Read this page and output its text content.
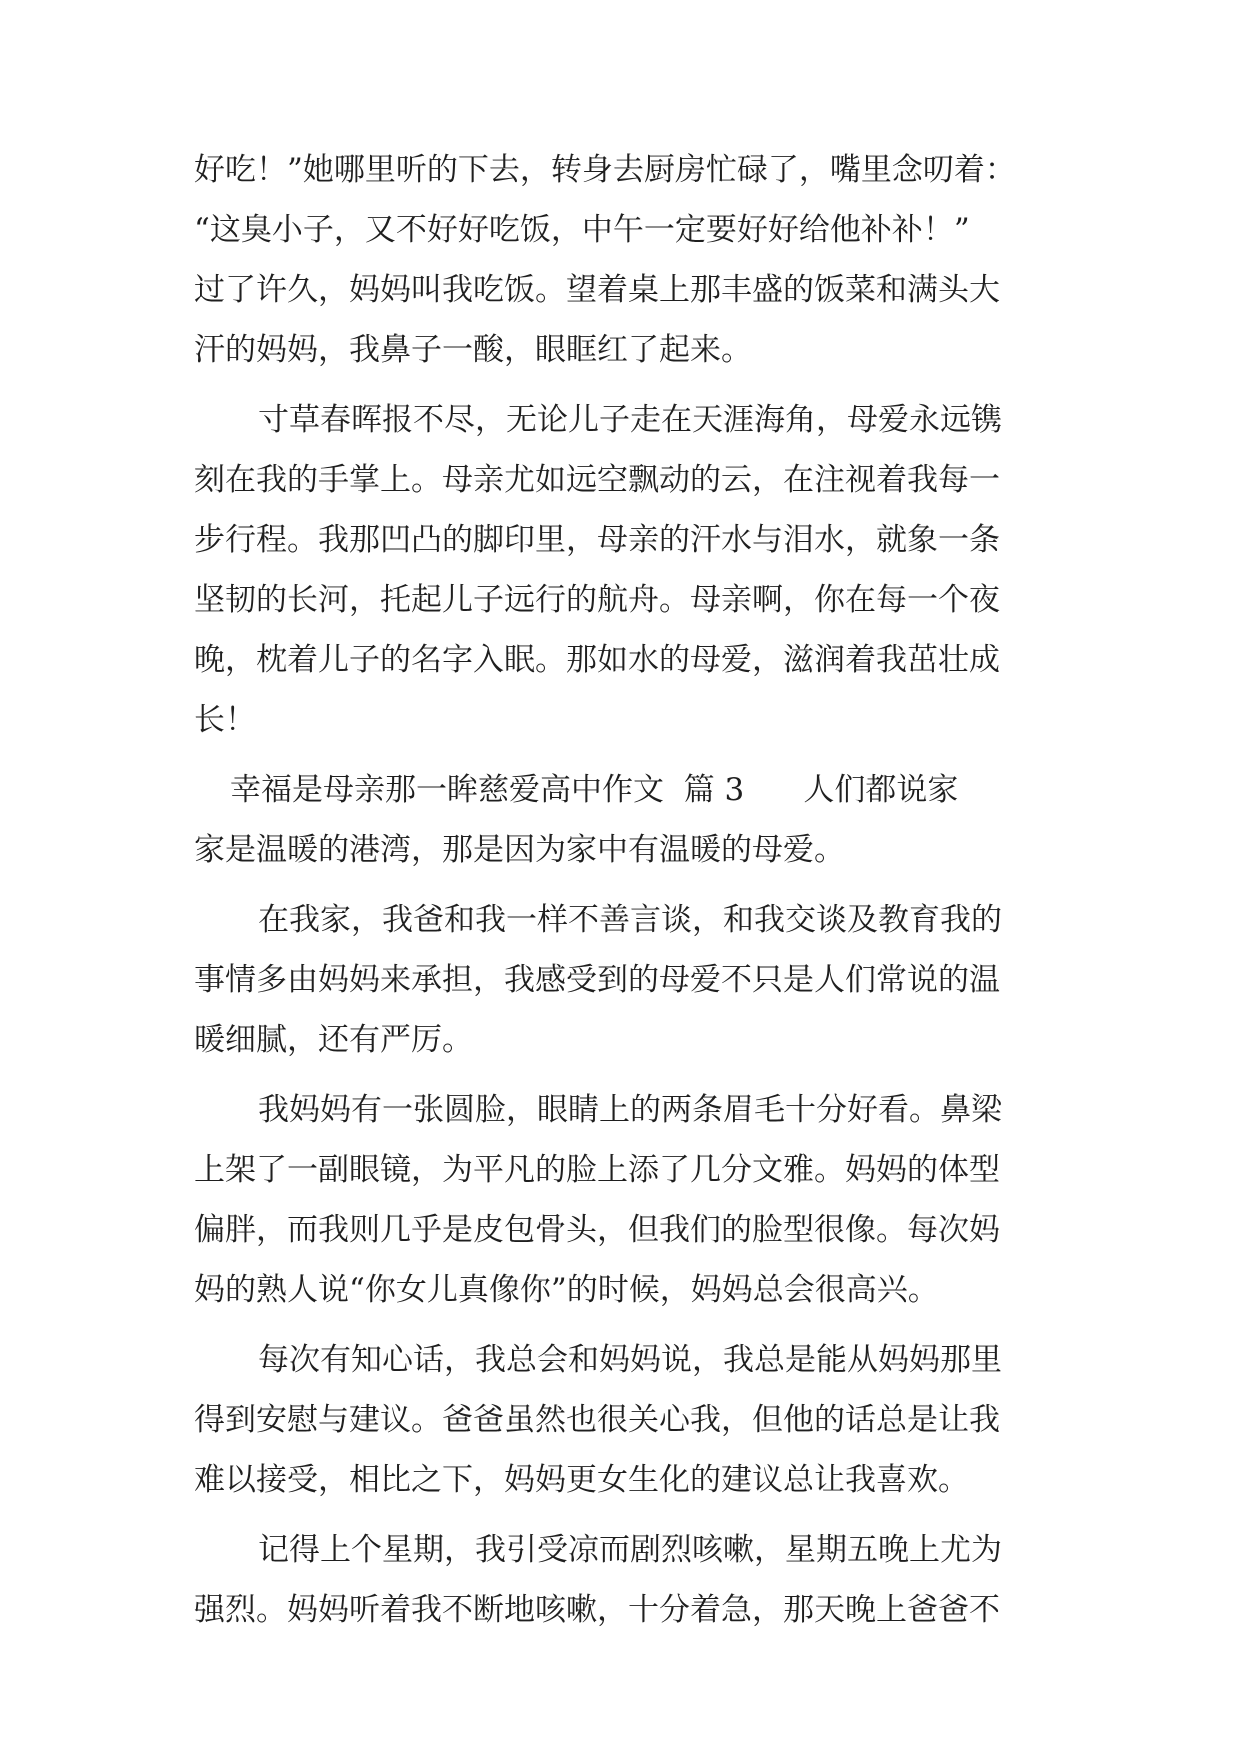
好吃！”她哪里听的下去，转身去厨房忙碌了，嘴里念叨着：
“这臭小子，又不好好吃饭，中午一定要好好给他补补！”
过了许久，妈妈叫我吃饭。望着桌上那丰盛的饭菜和满头大
汗的妈妈，我鼻子一酸，眼眶红了起来。
寸草春晖报不尽，无论儿子走在天涯海角，母爱永远镌
刻在我的手掌上。母亲尤如远空飘动的云，在注视着我每一
步行程。我那凹凸的脚印里，母亲的汗水与泪水，就象一条
坚韧的长河，托起儿子远行的航舟。母亲啊，你在每一个夜
晚，枕着儿子的名字入眠。那如水的母爱，滋润着我茁壮成
长！
幸福是母亲那一眸慈爱高中作文  篇 3      人们都说家
家是温暖的港湾，那是因为家中有温暖的母爱。
在我家，我爸和我一样不善言谈，和我交谈及教育我的
事情多由妈妈来承担，我感受到的母爱不只是人们常说的温
暖细腻，还有严厉。
我妈妈有一张圆脸，眼睛上的两条眉毛十分好看。鼻梁
上架了一副眼镜，为平凡的脸上添了几分文雅。妈妈的体型
偏胖，而我则几乎是皮包骨头，但我们的脸型很像。每次妈
妈的熟人说“你女儿真像你”的时候，妈妈总会很高兴。
每次有知心话，我总会和妈妈说，我总是能从妈妈那里
得到安慰与建议。爸爸虽然也很关心我，但他的话总是让我
难以接受，相比之下，妈妈更女生化的建议总让我喜欢。
记得上个星期，我引受凉而剧烈咳嗽，星期五晚上尤为
强烈。妈妈听着我不断地咳嗽，十分着急，那天晚上爸爸不
